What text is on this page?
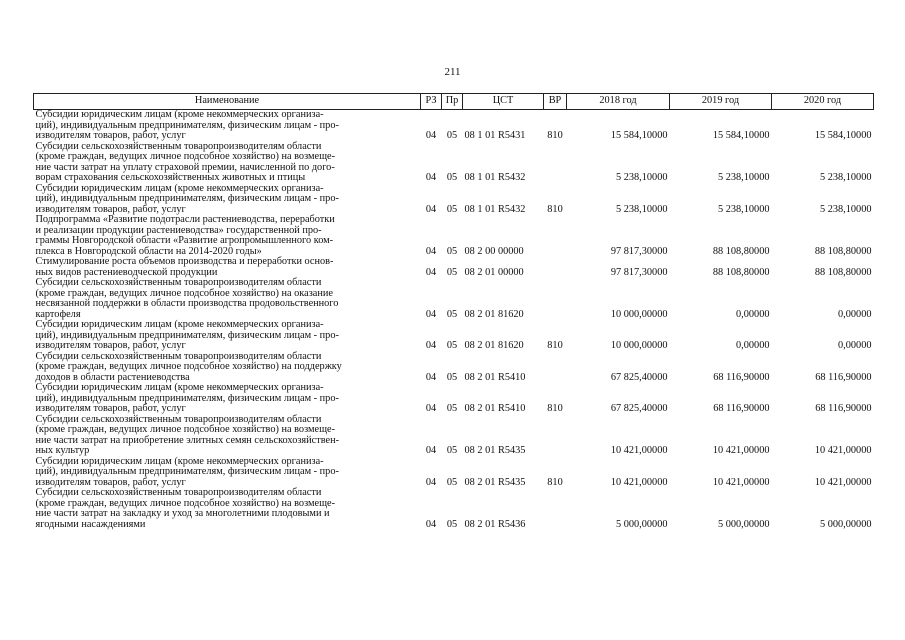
211
Наименование	РЗ	Пр	ЦСТ	ВР	2018 год	2019 год	2020 год

Субсидии юридическим лицам (кроме некоммерческих организа-
ций), индивидуальным предпринимателям, физическим лицам - про-
изводителям товаров, работ, услуг	04	05	08 1 01 R5431	810	15 584,10000	15 584,10000	15 584,10000

Субсидии сельскохозяйственным товаропроизводителям области
(кроме граждан, ведущих личное подсобное хозяйство) на возмеще-
ние части затрат на уплату страховой премии, начисленной по дого-
ворам страхования сельскохозяйственных животных и птицы	04	05	08 1 01 R5432		5 238,10000	5 238,10000	5 238,10000

Субсидии юридическим лицам (кроме некоммерческих организа-
ций), индивидуальным предпринимателям, физическим лицам - про-
изводителям товаров, работ, услуг	04	05	08 1 01 R5432	810	5 238,10000	5 238,10000	5 238,10000

Подпрограмма «Развитие подотрасли растениеводства, переработки
и реализации продукции растениеводства» государственной про-
граммы Новгородской области «Развитие агропромышленного ком-
плекса в Новгородской области на 2014-2020 годы»	04	05	08 2 00 00000		97 817,30000	88 108,80000	88 108,80000

Стимулирование роста объемов производства и переработки основ-
ных видов растениеводческой продукции	04	05	08 2 01 00000		97 817,30000	88 108,80000	88 108,80000

Субсидии сельскохозяйственным товаропроизводителям области
(кроме граждан, ведущих личное подсобное хозяйство) на оказание
несвязанной поддержки в области производства продовольственного
картофеля	04	05	08 2 01 81620		10 000,00000	0,00000	0,00000

Субсидии юридическим лицам (кроме некоммерческих организа-
ций), индивидуальным предпринимателям, физическим лицам - про-
изводителям товаров, работ, услуг	04	05	08 2 01 81620	810	10 000,00000	0,00000	0,00000

Субсидии сельскохозяйственным товаропроизводителям области
(кроме граждан, ведущих личное подсобное хозяйство) на поддержку
доходов в области растениеводства	04	05	08 2 01 R5410		67 825,40000	68 116,90000	68 116,90000

Субсидии юридическим лицам (кроме некоммерческих организа-
ций), индивидуальным предпринимателям, физическим лицам - про-
изводителям товаров, работ, услуг	04	05	08 2 01 R5410	810	67 825,40000	68 116,90000	68 116,90000

Субсидии сельскохозяйственным товаропроизводителям области
(кроме граждан, ведущих личное подсобное хозяйство) на возмеще-
ние части затрат на приобретение элитных семян сельскохозяйствен-
ных культур	04	05	08 2 01 R5435		10 421,00000	10 421,00000	10 421,00000

Субсидии юридическим лицам (кроме некоммерческих организа-
ций), индивидуальным предпринимателям, физическим лицам - про-
изводителям товаров, работ, услуг	04	05	08 2 01 R5435	810	10 421,00000	10 421,00000	10 421,00000

Субсидии сельскохозяйственным товаропроизводителям области
(кроме граждан, ведущих личное подсобное хозяйство) на возмеще-
ние части затрат на закладку и уход за многолетними плодовыми и
ягодными насаждениями	04	05	08 2 01 R5436		5 000,00000	5 000,00000	5 000,00000
